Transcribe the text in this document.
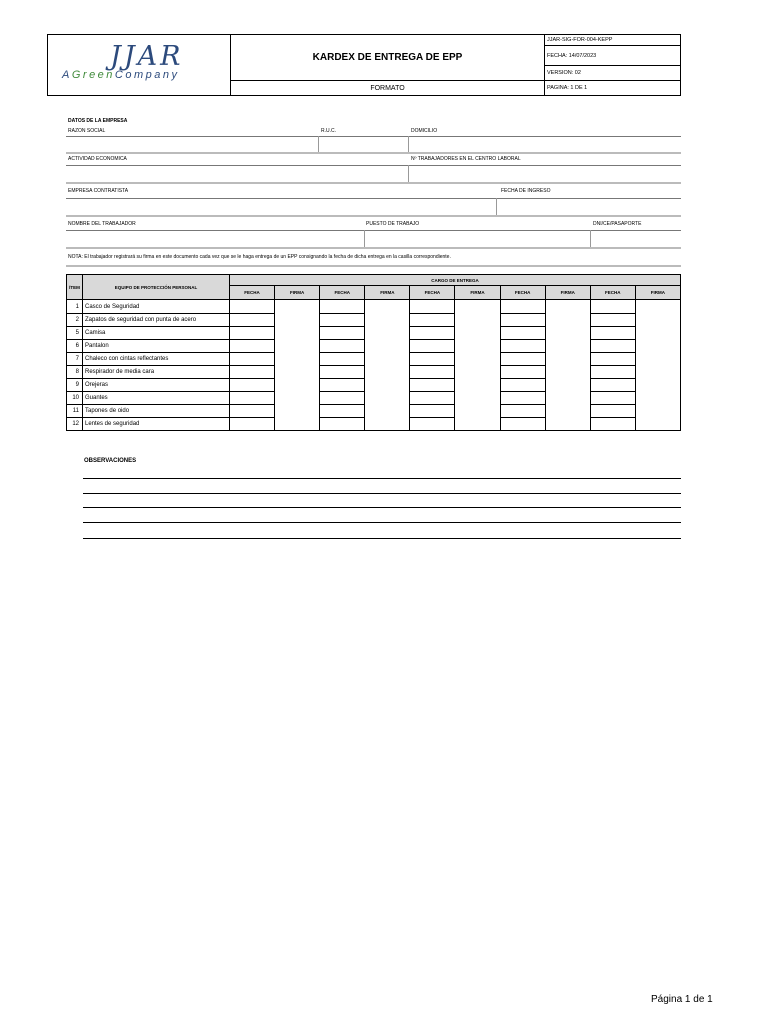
JJAR
AGreenCompany
KARDEX DE ENTREGA DE EPP
FORMATO
JJAR-SIG-FOR-004-KEPP
FECHA: 14/07/2023
VERSION: 02
PAGINA: 1 DE 1
DATOS DE LA EMPRESA
RAZON SOCIAL	R.U.C.	DOMICILIO
ACTIVIDAD ECONOMICA	Nº TRABAJADORES EN EL CENTRO LABORAL
EMPRESA CONTRATISTA	FECHA DE INGRESO
NOMBRE DEL TRABAJADOR	PUESTO DE TRABAJO	DNI/CE/PASAPORTE
NOTA: El trabajador registrará su firma en este documento cada vez que se le haga entrega de un EPP consignando la fecha de dicha entrega en la casilla correspondiente.
ÍTEM	EQUIPO DE PROTECCIÓN PERSONAL	CARGO DE ENTREGA									
		FECHA	FIRMA	FECHA	FIRMA	FECHA	FIRMA	FECHA	FIRMA	FECHA	FIRMA
1	Casco de Seguridad										
2	Zapatos de seguridad con punta de acero										
5	Camisa										
6	Pantalon										
7	Chaleco con cintas reflectantes										
8	Respirador de media cara										
9	Orejeras										
10	Guantes										
11	Tapones de oido										
12	Lentes de seguridad										
OBSERVACIONES
Página 1 de 1
